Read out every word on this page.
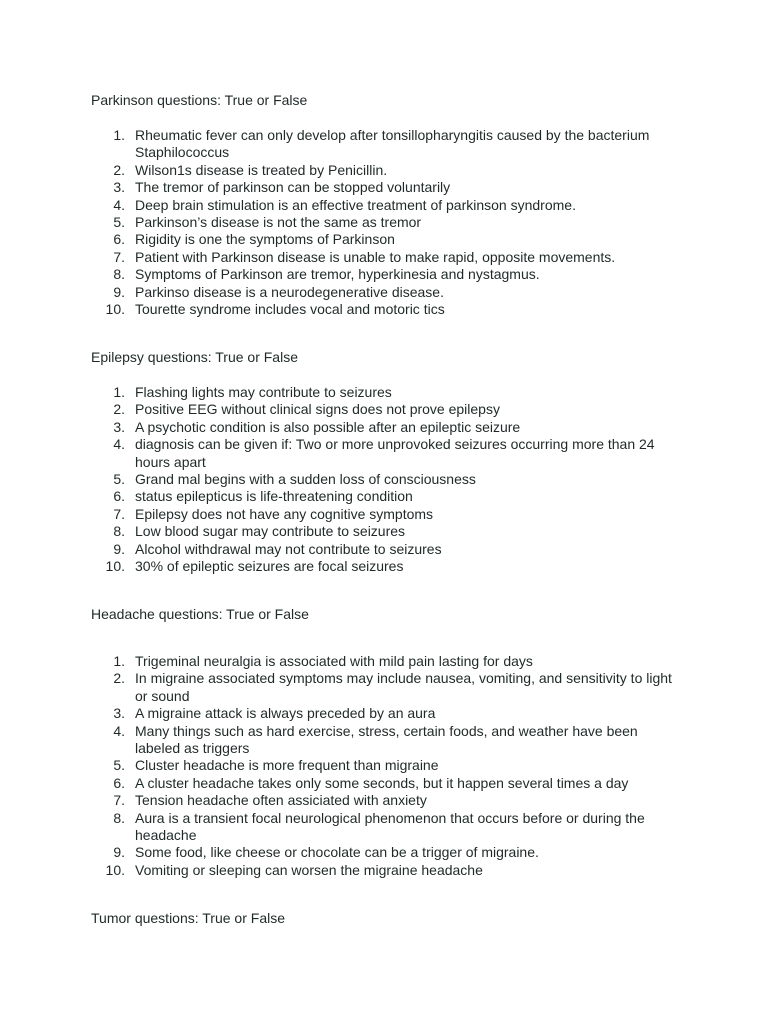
Parkinson questions: True or False
1. Rheumatic fever can only develop after tonsillopharyngitis caused by the bacterium Staphilococcus
2. Wilson1s disease is treated by Penicillin.
3. The tremor of parkinson can be stopped voluntarily
4. Deep brain stimulation is an effective treatment of parkinson syndrome.
5. Parkinson’s disease is not the same as tremor
6. Rigidity is one the symptoms of Parkinson
7. Patient with Parkinson disease is unable to make rapid, opposite movements.
8. Symptoms of Parkinson are tremor, hyperkinesia and nystagmus.
9. Parkinso disease is a neurodegenerative disease.
10. Tourette syndrome includes vocal and motoric tics
Epilepsy questions: True or False
1. Flashing lights may contribute to seizures
2. Positive EEG without clinical signs does not prove epilepsy
3. A psychotic condition is also possible after an epileptic seizure
4. diagnosis can be given if: Two or more unprovoked seizures occurring more than 24 hours apart
5. Grand mal begins with a sudden loss of consciousness
6. status epilepticus is life-threatening condition
7. Epilepsy does not have any cognitive symptoms
8. Low blood sugar may contribute to seizures
9. Alcohol withdrawal may not contribute to seizures
10. 30% of epileptic seizures are focal seizures
Headache questions: True or False
1. Trigeminal neuralgia is associated with mild pain lasting for days
2. In migraine associated symptoms may include nausea, vomiting, and sensitivity to light or sound
3. A migraine attack is always preceded by an aura
4. Many things such as hard exercise, stress, certain foods, and weather have been labeled as triggers
5. Cluster headache is more frequent than migraine
6. A cluster headache takes only some seconds, but it happen several times a day
7. Tension headache often assiciated with anxiety
8. Aura is a transient focal neurological phenomenon that occurs before or during the headache
9. Some food, like cheese or chocolate can be a trigger of migraine.
10. Vomiting or sleeping can worsen the migraine headache
Tumor questions: True or False
